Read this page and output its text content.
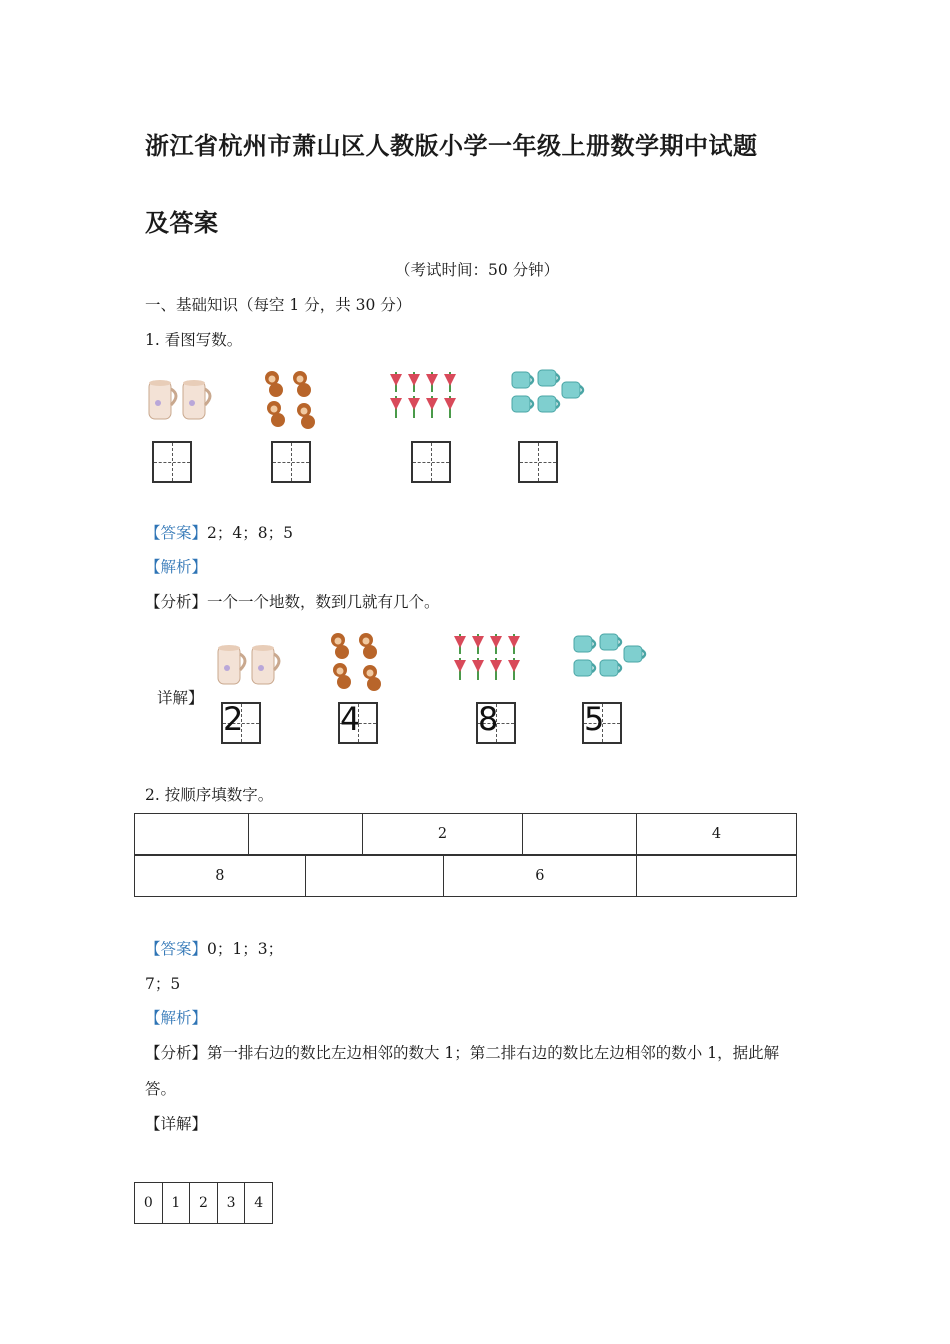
浙江省杭州市萧山区人教版小学一年级上册数学期中试题
及答案
（考试时间：50 分钟）
一、基础知识（每空 1 分，共 30 分）
1. 看图写数。
【答案】2；4；8；5
【解析】
【分析】一个一个地数，数到几就有几个。
详解】
2	4	8	5
2. 按顺序填数字。
		2		4
8		6	
【答案】0；1；3；
7；5
【解析】
【分析】第一排右边的数比左边相邻的数大 1；第二排右边的数比左边相邻的数小 1，据此解
答。
【详解】
0	1	2	3	4
